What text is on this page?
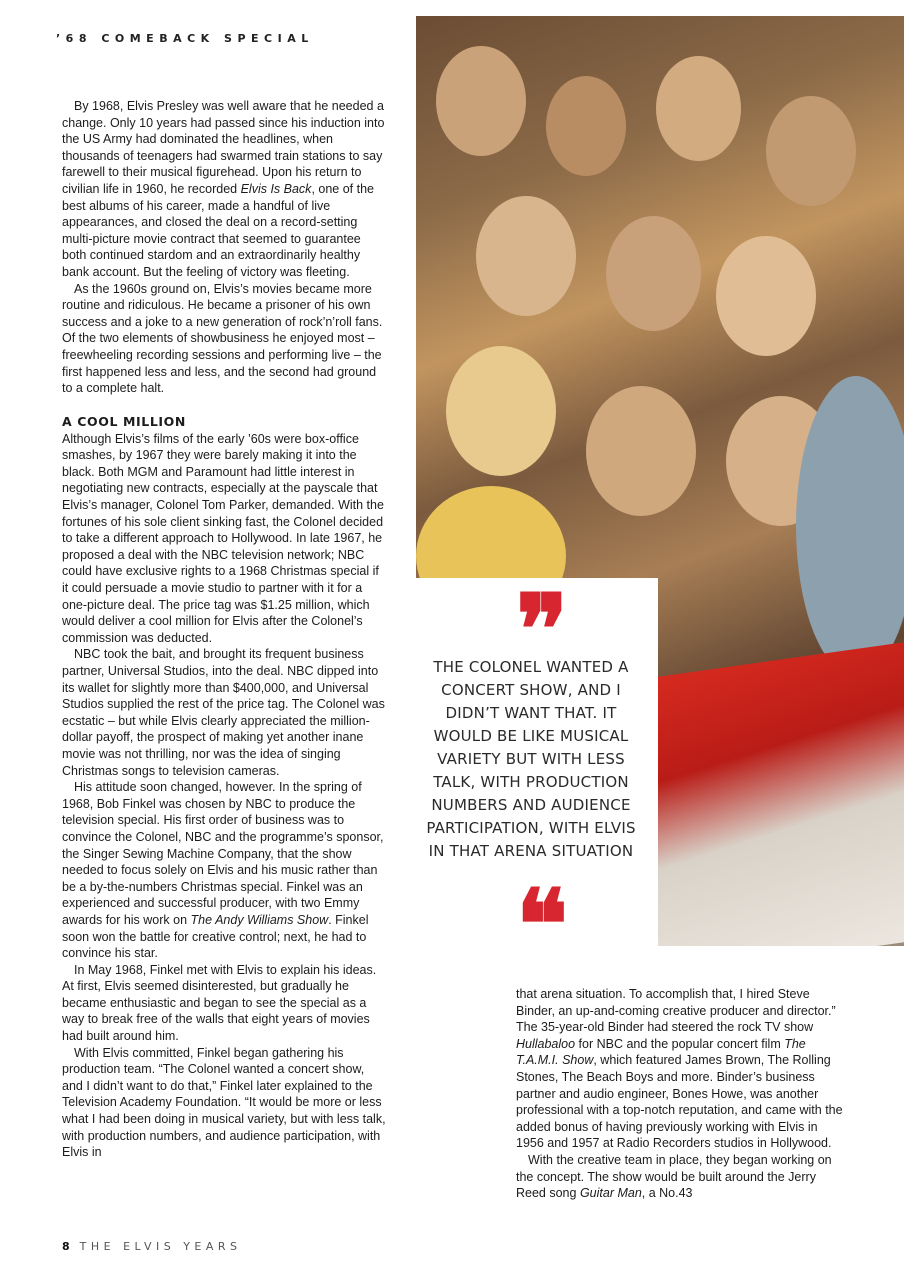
’68 COMEBACK SPECIAL
❜❜
THE COLONEL WANTED A CONCERT SHOW, AND I DIDN’T WANT THAT. IT WOULD BE LIKE MUSICAL VARIETY BUT WITH LESS TALK, WITH PRODUCTION NUMBERS AND AUDIENCE PARTICIPATION, WITH ELVIS IN THAT ARENA SITUATION
❛❛

By 1968, Elvis Presley was well aware that he needed a change. Only 10 years had passed since his induction into the US Army had dominated the headlines, when thousands of teenagers had swarmed train stations to say farewell to their musical figurehead. Upon his return to civilian life in 1960, he recorded Elvis Is Back, one of the best albums of his career, made a handful of live appearances, and closed the deal on a record-setting multi-picture movie contract that seemed to guarantee both continued stardom and an extraordinarily healthy bank account. But the feeling of victory was fleeting.

As the 1960s ground on, Elvis’s movies became more routine and ridiculous. He became a prisoner of his own success and a joke to a new generation of rock’n’roll fans. Of the two elements of showbusiness he enjoyed most – freewheeling recording sessions and performing live – the first happened less and less, and the second had ground to a complete halt.

A COOL MILLION

Although Elvis’s films of the early ’60s were box-office smashes, by 1967 they were barely making it into the black. Both MGM and Paramount had little interest in negotiating new contracts, especially at the payscale that Elvis’s manager, Colonel Tom Parker, demanded. With the fortunes of his sole client sinking fast, the Colonel decided to take a different approach to Hollywood. In late 1967, he proposed a deal with the NBC television network; NBC could have exclusive rights to a 1968 Christmas special if it could persuade a movie studio to partner with it for a one-picture deal. The price tag was $1.25 million, which would deliver a cool million for Elvis after the Colonel’s commission was deducted.

NBC took the bait, and brought its frequent business partner, Universal Studios, into the deal. NBC dipped into its wallet for slightly more than $400,000, and Universal Studios supplied the rest of the price tag. The Colonel was ecstatic – but while Elvis clearly appreciated the million-dollar payoff, the prospect of making yet another inane movie was not thrilling, nor was the idea of singing Christmas songs to television cameras.

His attitude soon changed, however. In the spring of 1968, Bob Finkel was chosen by NBC to produce the television special. His first order of business was to convince the Colonel, NBC and the programme’s sponsor, the Singer Sewing Machine Company, that the show needed to focus solely on Elvis and his music rather than be a by-the-numbers Christmas special. Finkel was an experienced and successful producer, with two Emmy awards for his work on The Andy Williams Show. Finkel soon won the battle for creative control; next, he had to convince his star.

In May 1968, Finkel met with Elvis to explain his ideas. At first, Elvis seemed disinterested, but gradually he became enthusiastic and began to see the special as a way to break free of the walls that eight years of movies had built around him.

With Elvis committed, Finkel began gathering his production team. “The Colonel wanted a concert show, and I didn’t want to do that,” Finkel later explained to the Television Academy Foundation. “It would be more or less what I had been doing in musical variety, but with less talk, with production numbers, and audience participation, with Elvis in

that arena situation. To accomplish that, I hired Steve Binder, an up-and-coming creative producer and director.” The 35-year-old Binder had steered the rock TV show Hullabaloo for NBC and the popular concert film The T.A.M.I. Show, which featured James Brown, The Rolling Stones, The Beach Boys and more. Binder’s business partner and audio engineer, Bones Howe, was another professional with a top-notch reputation, and came with the added bonus of having previously working with Elvis in 1956 and 1957 at Radio Recorders studios in Hollywood.

With the creative team in place, they began working on the concept. The show would be built around the Jerry Reed song Guitar Man, a No.43

8 THE ELVIS YEARS
